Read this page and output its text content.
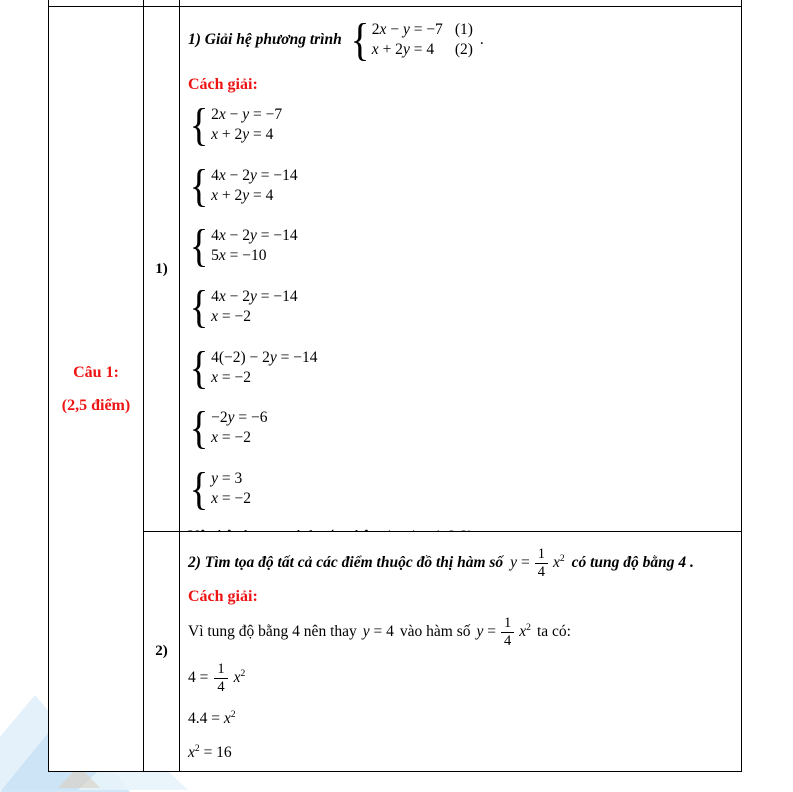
Câu 1:
(2,5 điểm)
1)
1) Giải hệ phương trình { 2x − y = −7 (1)
x + 2y = 4	(2)
.
Cách giải:
{ 2x − y = −7
x + 2y = 4
{ 4x − 2y = −14
x + 2y = 4
{ 4x − 2y = −14
5x = −10
{ 4x − 2y = −14
x = −2
{ 4(−2) − 2y = −14
x = −2
{ −2y = −6
x = −2
{ y = 3
x = −2
2)
2) Tìm tọa độ tất cả các điểm thuộc đồ thị hàm số $y = \frac{1}{4} x^2$ có tung độ bằng 4 .
Cách giải:
Vì tung độ bằng 4 nên thay y = 4 vào hàm số $y = \frac{1}{4} x^2$ ta có:
$4 = \frac{1}{4} x^2$
$4.4 = x^2$
$x^2 = 16$
